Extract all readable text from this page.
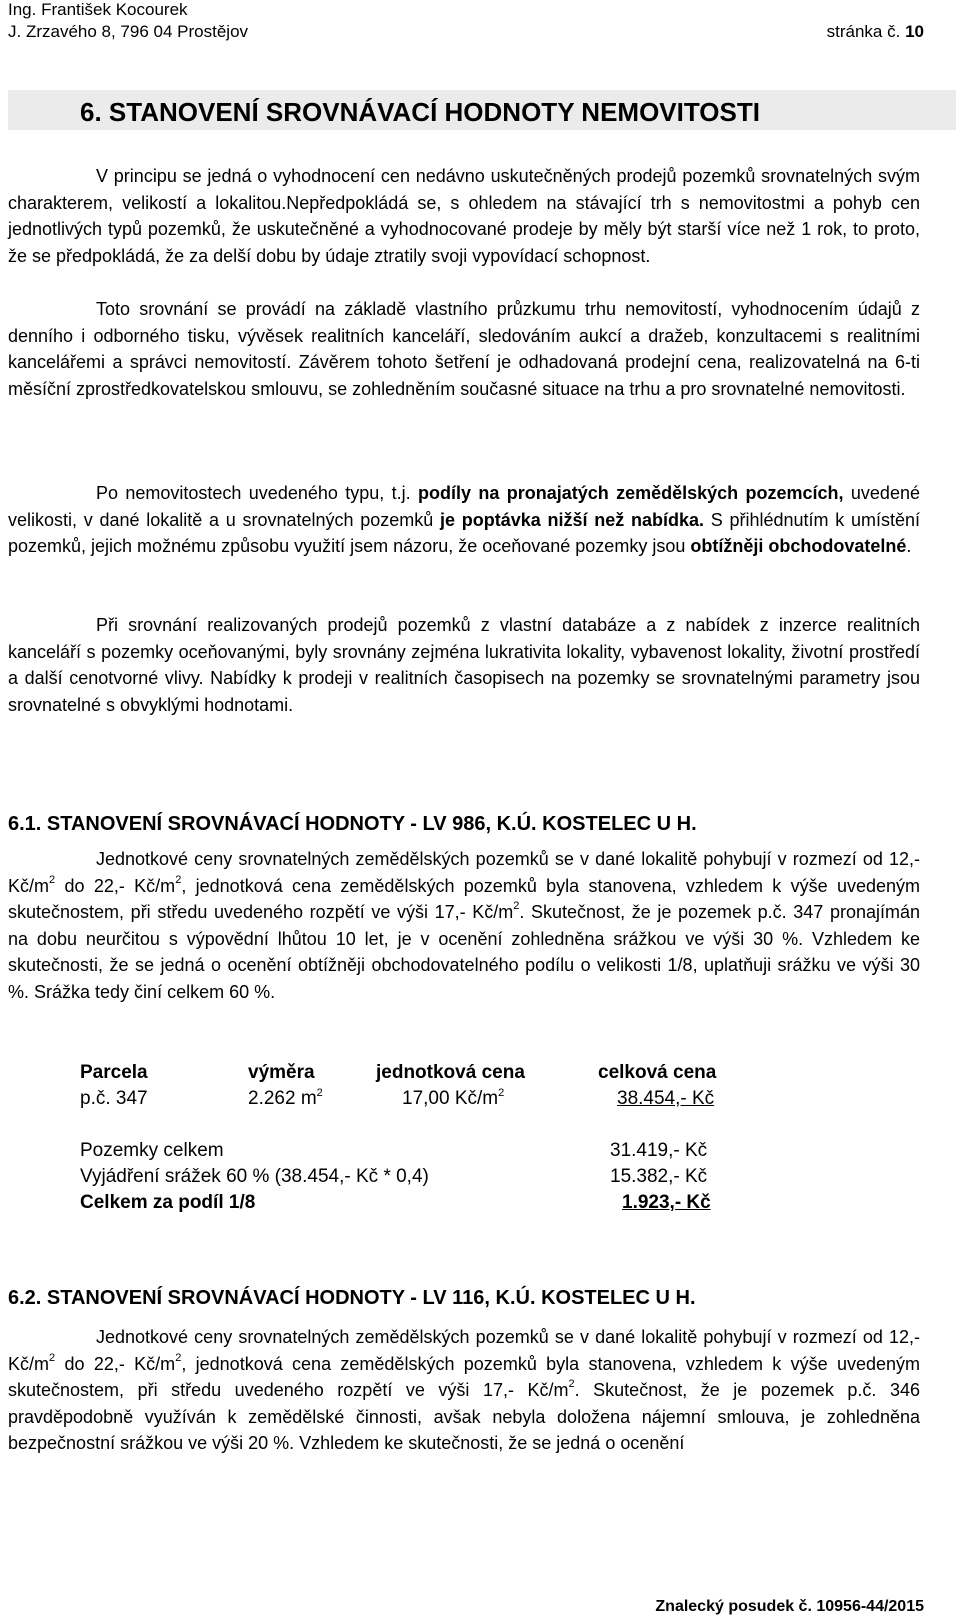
Ing. František Kocourek
J. Zrzavého 8, 796 04 Prostějov	stránka č. 10
6. STANOVENÍ SROVNÁVACÍ HODNOTY NEMOVITOSTI
V principu se jedná o vyhodnocení cen nedávno uskutečněných prodejů pozemků srovnatelných svým charakterem, velikostí a lokalitou.Nepředpokládá se, s ohledem na stávající trh s nemovitostmi a pohyb cen jednotlivých typů pozemků, že uskutečněné a vyhodnocované prodeje by měly být starší více než 1 rok, to proto, že se předpokládá, že za delší dobu by údaje ztratily svoji vypovídací schopnost.
Toto srovnání se provádí na základě vlastního průzkumu trhu nemovitostí, vyhodnocením údajů z denního i odborného tisku, vývěsek realitních kanceláří, sledováním aukcí a dražeb, konzultacemi s realitními kancelářemi a správci nemovitostí. Závěrem tohoto šetření je odhadovaná prodejní cena, realizovatelná na 6-ti měsíční zprostředkovatelskou smlouvu, se zohledněním současné situace na trhu a pro srovnatelné nemovitosti.
Po nemovitostech uvedeného typu, t.j. podíly na pronajatých zemědělských pozemcích, uvedené velikosti, v dané lokalitě a u srovnatelných pozemků je poptávka nižší než nabídka. S přihlédnutím k umístění pozemků, jejich možnému způsobu využití jsem názoru, že oceňované pozemky jsou obtížněji obchodovatelné.
Při srovnání realizovaných prodejů pozemků z vlastní databáze a z nabídek z inzerce realitních kanceláří s pozemky oceňovanými, byly srovnány zejména lukrativita lokality, vybavenost lokality, životní prostředí a další cenotvorné vlivy. Nabídky k prodeji v realitních časopisech na pozemky se srovnatelnými parametry jsou srovnatelné s obvyklými hodnotami.
6.1. STANOVENÍ SROVNÁVACÍ HODNOTY - LV 986, K.Ú. KOSTELEC U H.
Jednotkové ceny srovnatelných zemědělských pozemků se v dané lokalitě pohybují v rozmezí od 12,- $Kč/m^2$ do 22,- $Kč/m^2$, jednotková cena zemědělských pozemků byla stanovena, vzhledem k výše uvedeným skutečnostem, při středu uvedeného rozpětí ve výši 17,- $Kč/m^2$. Skutečnost, že je pozemek p.č. 347 pronajímán na dobu neurčitou s výpovědní lhůtou 10 let, je v ocenění zohledněna srážkou ve výši 30 %. Vzhledem ke skutečnosti, že se jedná o ocenění obtížněji obchodovatelného podílu o velikosti 1/8, uplatňuji srážku ve výši 30 %. Srážka tedy činí celkem 60 %.
Parcela	výměra	jednotková cena	celková cena
p.č. 347	2.262 $m^2$	17,00 $Kč/m^2$	38.454,- Kč
Pozemky celkem	31.419,- Kč
Vyjádření srážek 60 % (38.454,- Kč * 0,4)	15.382,- Kč
Celkem za podíl 1/8	1.923,- Kč
6.2. STANOVENÍ SROVNÁVACÍ HODNOTY - LV 116, K.Ú. KOSTELEC U H.
Jednotkové ceny srovnatelných zemědělských pozemků se v dané lokalitě pohybují v rozmezí od 12,- $Kč/m^2$ do 22,- $Kč/m^2$, jednotková cena zemědělských pozemků byla stanovena, vzhledem k výše uvedeným skutečnostem, při středu uvedeného rozpětí ve výši 17,- $Kč/m^2$. Skutečnost, že je pozemek p.č. 346 pravděpodobně využíván k zemědělské činnosti, avšak nebyla doložena nájemní smlouva, je zohledněna bezpečnostní srážkou ve výši 20 %. Vzhledem ke skutečnosti, že se jedná o ocenění
Znalecký posudek č. 10956-44/2015
